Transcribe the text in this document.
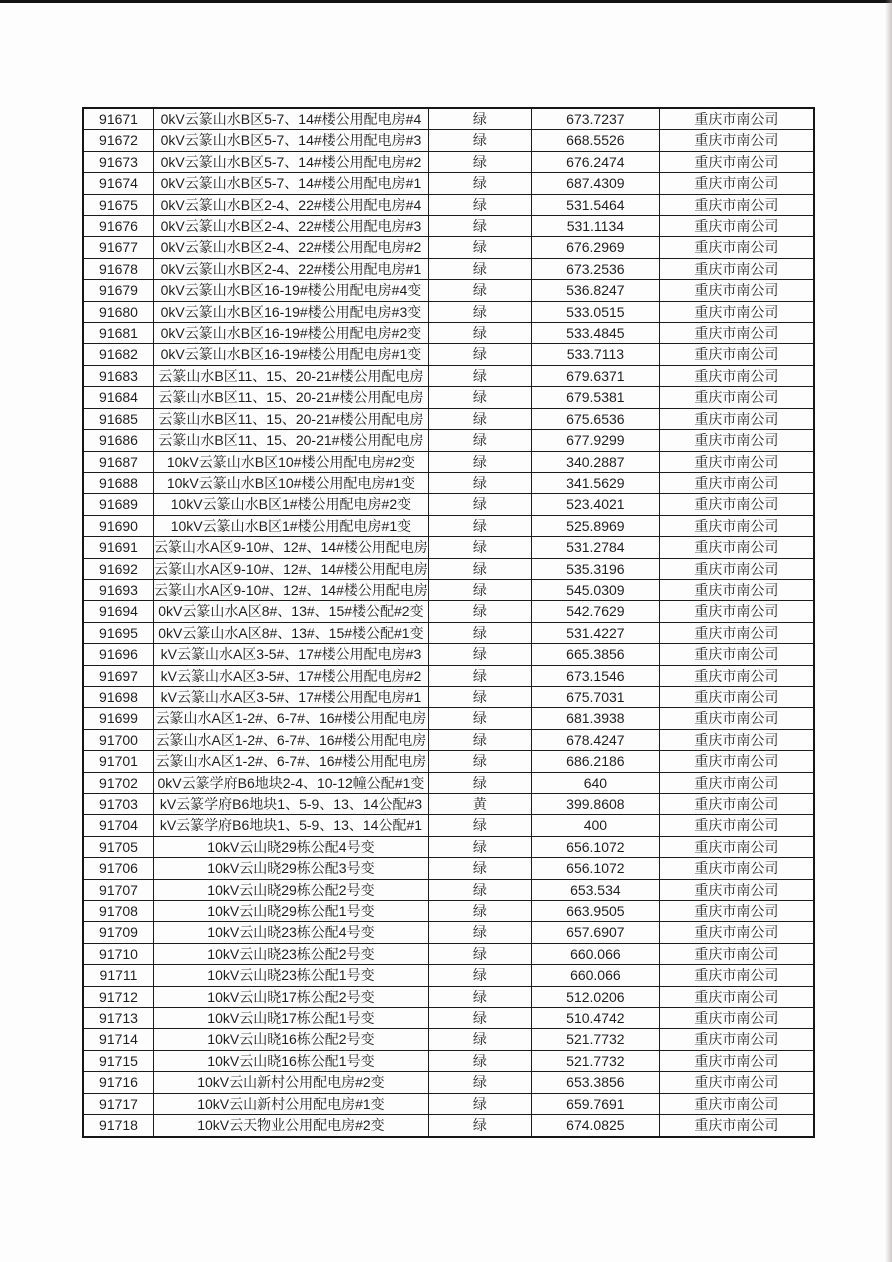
91671	0kV云篆山水B区5-7、14#楼公用配电房#4	绿	673.7237	重庆市南公司
91672	0kV云篆山水B区5-7、14#楼公用配电房#3	绿	668.5526	重庆市南公司
91673	0kV云篆山水B区5-7、14#楼公用配电房#2	绿	676.2474	重庆市南公司
91674	0kV云篆山水B区5-7、14#楼公用配电房#1	绿	687.4309	重庆市南公司
91675	0kV云篆山水B区2-4、22#楼公用配电房#4	绿	531.5464	重庆市南公司
91676	0kV云篆山水B区2-4、22#楼公用配电房#3	绿	531.1134	重庆市南公司
91677	0kV云篆山水B区2-4、22#楼公用配电房#2	绿	676.2969	重庆市南公司
91678	0kV云篆山水B区2-4、22#楼公用配电房#1	绿	673.2536	重庆市南公司
91679	0kV云篆山水B区16-19#楼公用配电房#4变	绿	536.8247	重庆市南公司
91680	0kV云篆山水B区16-19#楼公用配电房#3变	绿	533.0515	重庆市南公司
91681	0kV云篆山水B区16-19#楼公用配电房#2变	绿	533.4845	重庆市南公司
91682	0kV云篆山水B区16-19#楼公用配电房#1变	绿	533.7113	重庆市南公司
91683	云篆山水B区11、15、20-21#楼公用配电房	绿	679.6371	重庆市南公司
91684	云篆山水B区11、15、20-21#楼公用配电房	绿	679.5381	重庆市南公司
91685	云篆山水B区11、15、20-21#楼公用配电房	绿	675.6536	重庆市南公司
91686	云篆山水B区11、15、20-21#楼公用配电房	绿	677.9299	重庆市南公司
91687	10kV云篆山水B区10#楼公用配电房#2变	绿	340.2887	重庆市南公司
91688	10kV云篆山水B区10#楼公用配电房#1变	绿	341.5629	重庆市南公司
91689	10kV云篆山水B区1#楼公用配电房#2变	绿	523.4021	重庆市南公司
91690	10kV云篆山水B区1#楼公用配电房#1变	绿	525.8969	重庆市南公司
91691	云篆山水A区9-10#、12#、14#楼公用配电房	绿	531.2784	重庆市南公司
91692	云篆山水A区9-10#、12#、14#楼公用配电房	绿	535.3196	重庆市南公司
91693	云篆山水A区9-10#、12#、14#楼公用配电房	绿	545.0309	重庆市南公司
91694	0kV云篆山水A区8#、13#、15#楼公配#2变	绿	542.7629	重庆市南公司
91695	0kV云篆山水A区8#、13#、15#楼公配#1变	绿	531.4227	重庆市南公司
91696	kV云篆山水A区3-5#、17#楼公用配电房#3	绿	665.3856	重庆市南公司
91697	kV云篆山水A区3-5#、17#楼公用配电房#2	绿	673.1546	重庆市南公司
91698	kV云篆山水A区3-5#、17#楼公用配电房#1	绿	675.7031	重庆市南公司
91699	云篆山水A区1-2#、6-7#、16#楼公用配电房	绿	681.3938	重庆市南公司
91700	云篆山水A区1-2#、6-7#、16#楼公用配电房	绿	678.4247	重庆市南公司
91701	云篆山水A区1-2#、6-7#、16#楼公用配电房	绿	686.2186	重庆市南公司
91702	0kV云篆学府B6地块2-4、10-12幢公配#1变	绿	640	重庆市南公司
91703	kV云篆学府B6地块1、5-9、13、14公配#3	黄	399.8608	重庆市南公司
91704	kV云篆学府B6地块1、5-9、13、14公配#1	绿	400	重庆市南公司
91705	10kV云山晓29栋公配4号变	绿	656.1072	重庆市南公司
91706	10kV云山晓29栋公配3号变	绿	656.1072	重庆市南公司
91707	10kV云山晓29栋公配2号变	绿	653.534	重庆市南公司
91708	10kV云山晓29栋公配1号变	绿	663.9505	重庆市南公司
91709	10kV云山晓23栋公配4号变	绿	657.6907	重庆市南公司
91710	10kV云山晓23栋公配2号变	绿	660.066	重庆市南公司
91711	10kV云山晓23栋公配1号变	绿	660.066	重庆市南公司
91712	10kV云山晓17栋公配2号变	绿	512.0206	重庆市南公司
91713	10kV云山晓17栋公配1号变	绿	510.4742	重庆市南公司
91714	10kV云山晓16栋公配2号变	绿	521.7732	重庆市南公司
91715	10kV云山晓16栋公配1号变	绿	521.7732	重庆市南公司
91716	10kV云山新村公用配电房#2变	绿	653.3856	重庆市南公司
91717	10kV云山新村公用配电房#1变	绿	659.7691	重庆市南公司
91718	10kV云天物业公用配电房#2变	绿	674.0825	重庆市南公司
